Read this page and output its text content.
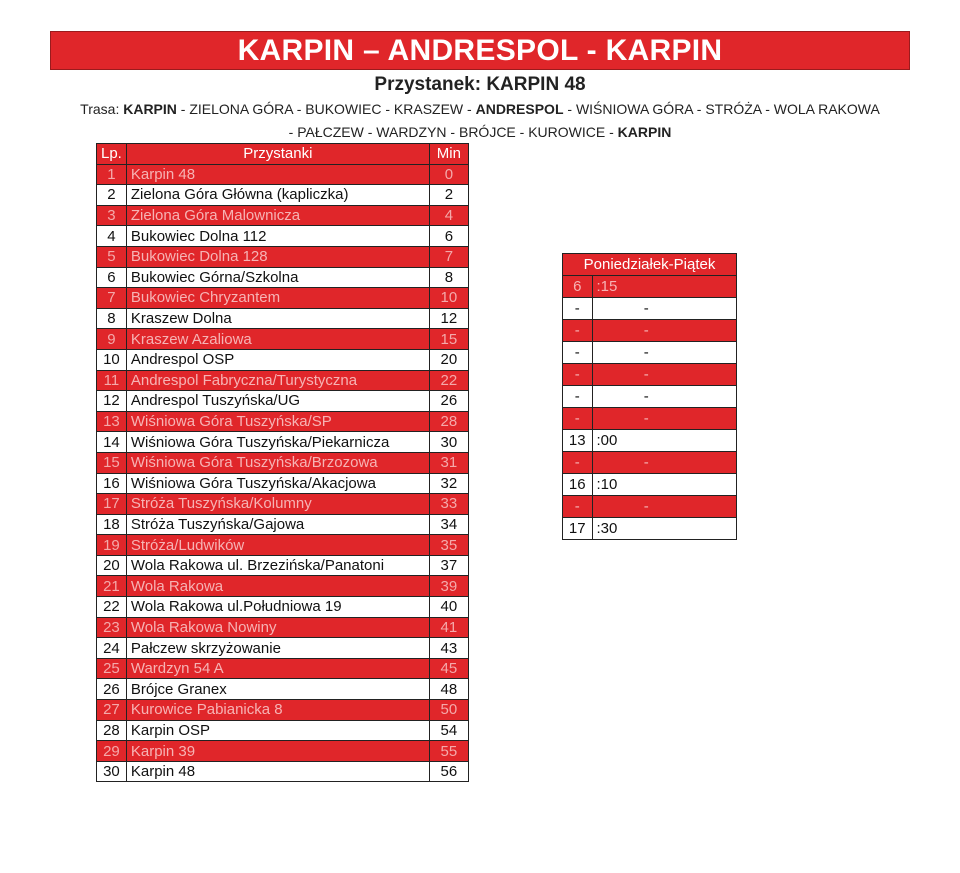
KARPIN – ANDRESPOL - KARPIN
Przystanek: KARPIN 48
Trasa: KARPIN - ZIELONA GÓRA - BUKOWIEC - KRASZEW - ANDRESPOL - WIŚNIOWA GÓRA - STRÓŻA - WOLA RAKOWA
- PAŁCZEW - WARDZYN - BRÓJCE - KUROWICE - KARPIN
Lp.	Przystanki	Min
1	Karpin 48	0
2	Zielona Góra Główna (kapliczka)	2
3	Zielona Góra Malownicza	4
4	Bukowiec Dolna 112	6
5	Bukowiec Dolna 128	7
6	Bukowiec Górna/Szkolna	8
7	Bukowiec Chryzantem	10
8	Kraszew Dolna	12
9	Kraszew Azaliowa	15
10	Andrespol OSP	20
11	Andrespol Fabryczna/Turystyczna	22
12	Andrespol Tuszyńska/UG	26
13	Wiśniowa Góra Tuszyńska/SP	28
14	Wiśniowa Góra Tuszyńska/Piekarnicza	30
15	Wiśniowa Góra Tuszyńska/Brzozowa	31
16	Wiśniowa Góra Tuszyńska/Akacjowa	32
17	Stróża Tuszyńska/Kolumny	33
18	Stróża Tuszyńska/Gajowa	34
19	Stróża/Ludwików	35
20	Wola Rakowa ul. Brzezińska/Panatoni	37
21	Wola Rakowa	39
22	Wola Rakowa ul.Południowa 19	40
23	Wola Rakowa Nowiny	41
24	Pałczew skrzyżowanie	43
25	Wardzyn 54 A	45
26	Brójce Granex	48
27	Kurowice Pabianicka 8	50
28	Karpin OSP	54
29	Karpin 39	55
30	Karpin 48	56
Poniedziałek-Piątek	
6	:15
-	-
-	-
-	-
-	-
-	-
-	-
13	:00
-	-
16	:10
-	-
17	:30
